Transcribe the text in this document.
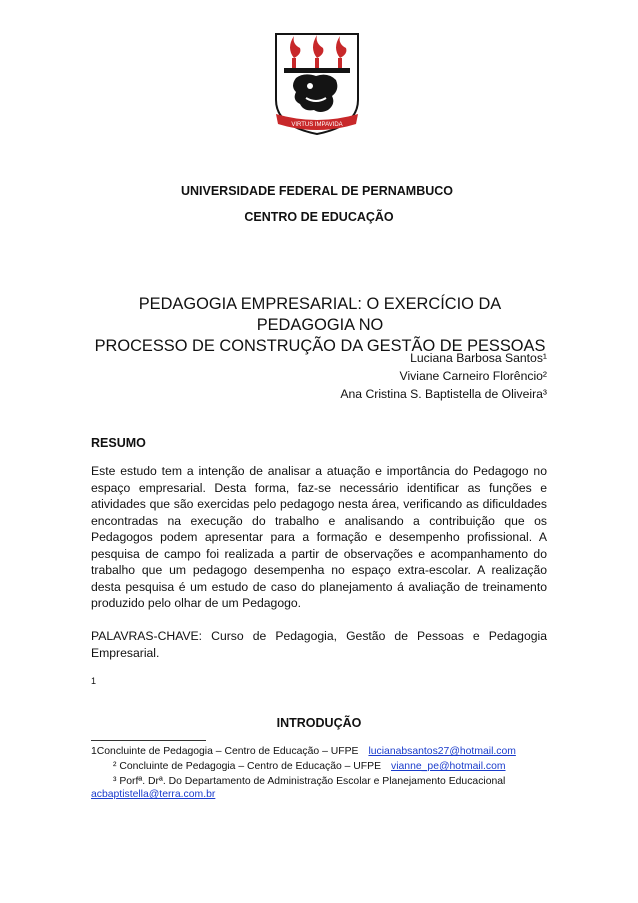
VIRTUS IMPAVIDA
UNIVERSIDADE FEDERAL DE PERNAMBUCO
CENTRO DE EDUCAÇÃO
PEDAGOGIA EMPRESARIAL: O EXERCÍCIO DA PEDAGOGIA NO
PROCESSO DE CONSTRUÇÃO DA GESTÃO DE PESSOAS
Luciana Barbosa Santos¹
Viviane Carneiro Florêncio²
Ana Cristina S. Baptistella de Oliveira³
RESUMO
Este estudo tem a intenção de analisar a atuação e importância do Pedagogo no espaço empresarial. Desta forma, faz-se necessário identificar as funções e atividades que são exercidas pelo pedagogo nesta área, verificando as dificuldades encontradas na execução do trabalho e analisando a contribuição que os Pedagogos podem apresentar para a formação e desempenho profissional. A pesquisa de campo foi realizada a partir de observações e acompanhamento do trabalho que um pedagogo desempenha no espaço extra-escolar. A realização desta pesquisa é um estudo de caso do planejamento á avaliação de treinamento produzido pelo olhar de um Pedagogo.
PALAVRAS-CHAVE: Curso de Pedagogia, Gestão de Pessoas e Pedagogia Empresarial.
1
INTRODUÇÃO
1Concluinte de Pedagogia – Centro de Educação – UFPE lucianabsantos27@hotmail.com
² Concluinte de Pedagogia – Centro de Educação – UFPE vianne_pe@hotmail.com
³ Porfª. Drª. Do Departamento de Administração Escolar e Planejamento Educacional
acbaptistella@terra.com.br
